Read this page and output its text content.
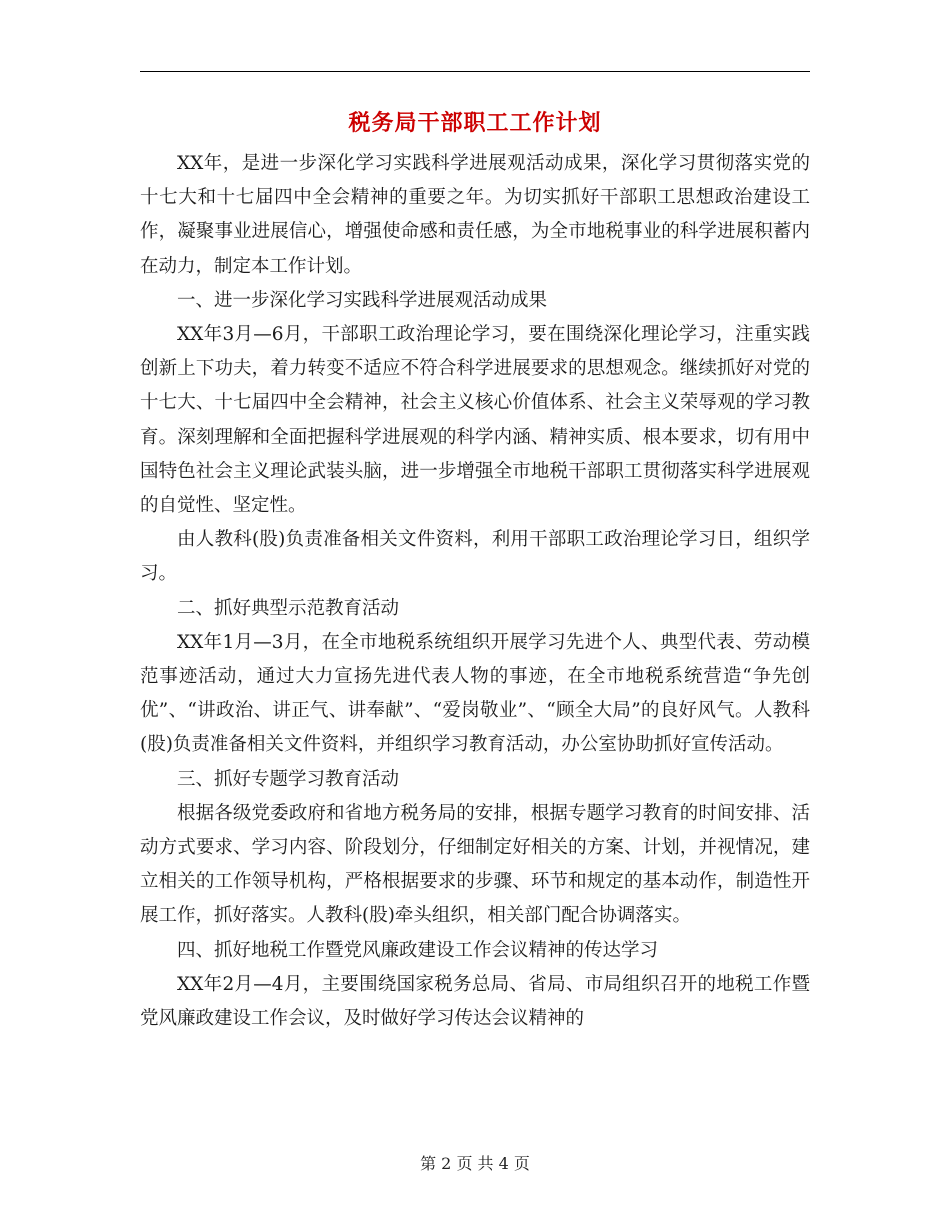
税务局干部职工工作计划

XX年，是进一步深化学习实践科学进展观活动成果，深化学习贯彻落实党的十七大和十七届四中全会精神的重要之年。为切实抓好干部职工思想政治建设工作，凝聚事业进展信心，增强使命感和责任感，为全市地税事业的科学进展积蓄内在动力，制定本工作计划。

一、进一步深化学习实践科学进展观活动成果

XX年3月—6月，干部职工政治理论学习，要在围绕深化理论学习，注重实践创新上下功夫，着力转变不适应不符合科学进展要求的思想观念。继续抓好对党的十七大、十七届四中全会精神，社会主义核心价值体系、社会主义荣辱观的学习教育。深刻理解和全面把握科学进展观的科学内涵、精神实质、根本要求，切有用中国特色社会主义理论武装头脑，进一步增强全市地税干部职工贯彻落实科学进展观的自觉性、坚定性。

由人教科(股)负责准备相关文件资料，利用干部职工政治理论学习日，组织学习。

二、抓好典型示范教育活动

XX年1月—3月，在全市地税系统组织开展学习先进个人、典型代表、劳动模范事迹活动，通过大力宣扬先进代表人物的事迹，在全市地税系统营造“争先创优”、“讲政治、讲正气、讲奉献”、“爱岗敬业”、“顾全大局”的良好风气。人教科(股)负责准备相关文件资料，并组织学习教育活动，办公室协助抓好宣传活动。

三、抓好专题学习教育活动

根据各级党委政府和省地方税务局的安排，根据专题学习教育的时间安排、活动方式要求、学习内容、阶段划分，仔细制定好相关的方案、计划，并视情况，建立相关的工作领导机构，严格根据要求的步骤、环节和规定的基本动作，制造性开展工作，抓好落实。人教科(股)牵头组织，相关部门配合协调落实。

四、抓好地税工作暨党风廉政建设工作会议精神的传达学习

XX年2月—4月，主要围绕国家税务总局、省局、市局组织召开的地税工作暨党风廉政建设工作会议，及时做好学习传达会议精神的

第 2 页 共 4 页
